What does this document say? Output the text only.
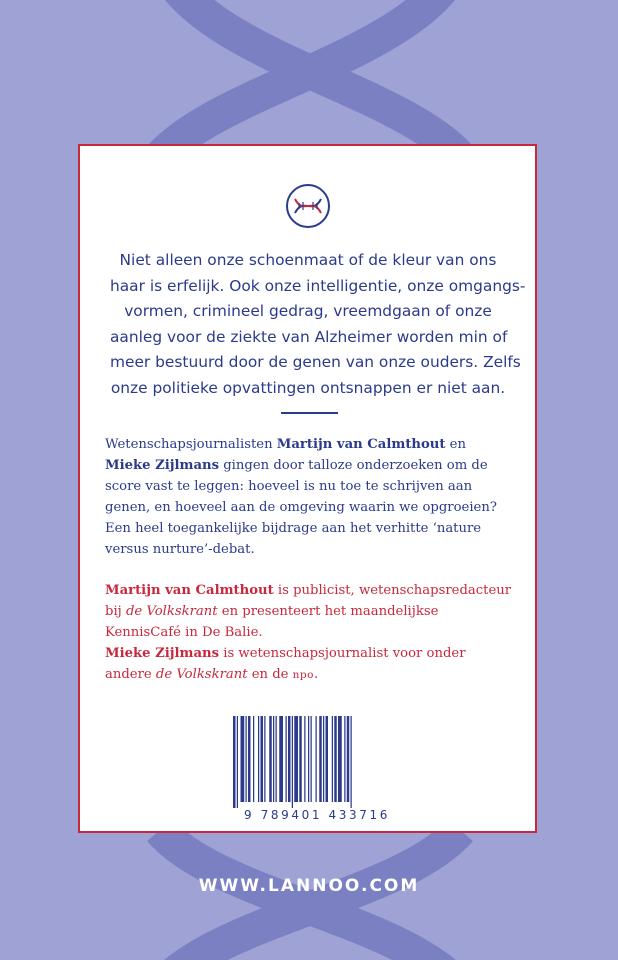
Niet alleen onze schoenmaat of de kleur van ons
haar is erfelijk. Ook onze intelligentie, onze omgangs-
vormen, crimineel gedrag, vreemdgaan of onze
aanleg voor de ziekte van Alzheimer worden min of
meer bestuurd door de genen van onze ouders. Zelfs
onze politieke opvattingen ontsnappen er niet aan.
Wetenschapsjournalisten Martijn van Calmthout en
Mieke Zijlmans gingen door talloze onderzoeken om de
score vast te leggen: hoeveel is nu toe te schrijven aan
genen, en hoeveel aan de omgeving waarin we opgroeien?
Een heel toegankelijke bijdrage aan het verhitte ‘nature
versus nurture’-debat.
Martijn van Calmthout is publicist, wetenschapsredacteur
bij de Volkskrant en presenteert het maandelijkse
KennisCafé in De Balie.
Mieke Zijlmans is wetenschapsjournalist voor onder
andere de Volkskrant en de npo.
9 789401 433716
WWW.LANNOO.COM
